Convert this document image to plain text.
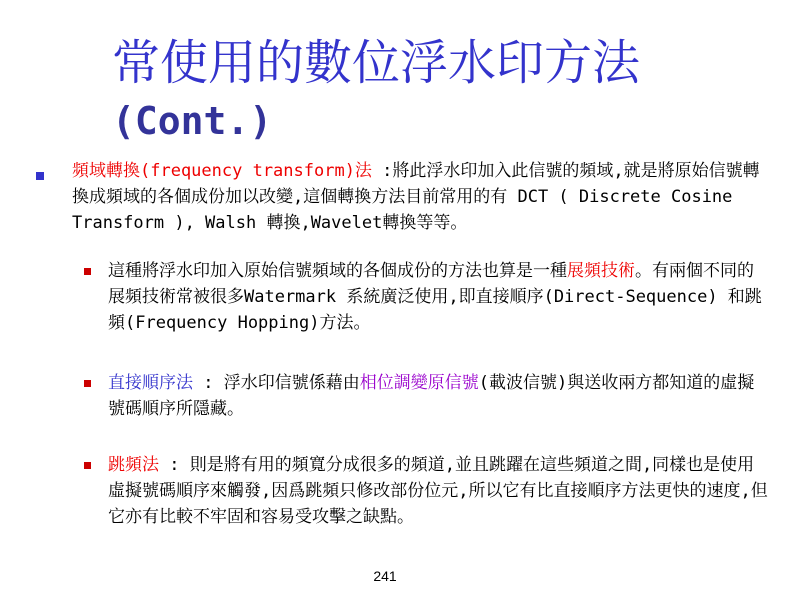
常使用的數位浮水印方法
(Cont.)
頻域轉換(frequency transform)法 :將此浮水印加入此信號的頻域,就是將原始信號轉換成頻域的各個成份加以改變,這個轉換方法目前常用的有 DCT ( Discrete Cosine Transform ), Walsh 轉換,Wavelet轉換等等。
這種將浮水印加入原始信號頻域的各個成份的方法也算是一種展頻技術。有兩個不同的展頻技術常被很多Watermark 系統廣泛使用,即直接順序(Direct-Sequence) 和跳頻(Frequency Hopping)方法。
直接順序法 : 浮水印信號係藉由相位調變原信號(載波信號)與送收兩方都知道的虛擬號碼順序所隱藏。
跳頻法 : 則是將有用的頻寬分成很多的頻道,並且跳躍在這些頻道之間,同樣也是使用虛擬號碼順序來觸發,因爲跳頻只修改部份位元,所以它有比直接順序方法更快的速度,但它亦有比較不牢固和容易受攻擊之缺點。
241
